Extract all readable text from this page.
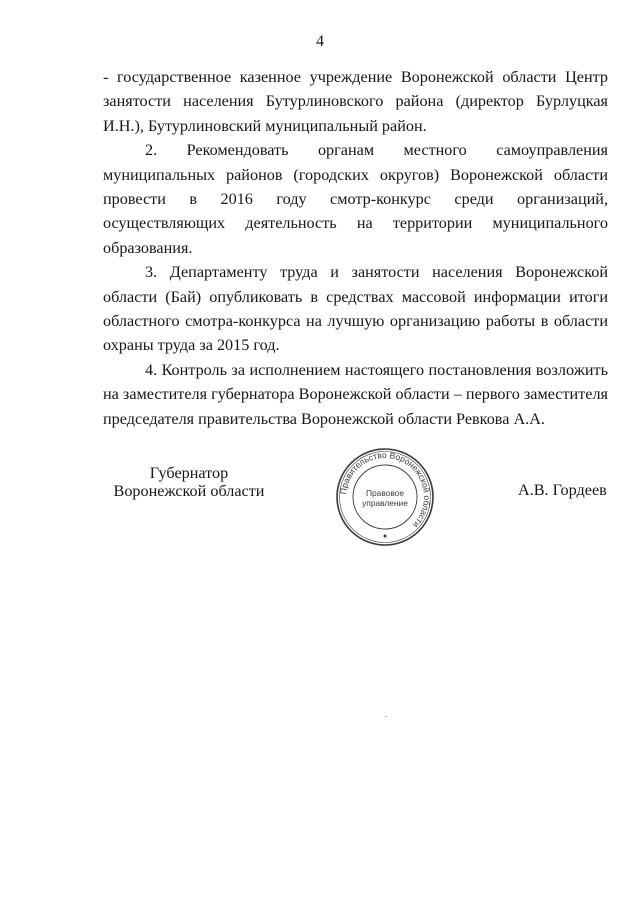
4

- государственное казенное учреждение Воронежской области Центр занятости населения Бутурлиновского района (директор Бурлуцкая И.Н.), Бутурлиновский муниципальный район.

2. Рекомендовать органам местного самоуправления муниципальных районов (городских округов) Воронежской области провести в 2016 году смотр-конкурс среди организаций, осуществляющих деятельность на территории муниципального образования.

3. Департаменту труда и занятости населения Воронежской области (Бай) опубликовать в средствах массовой информации итоги областного смотра-конкурса на лучшую организацию работы в области охраны труда за 2015 год.

4. Контроль за исполнением настоящего постановления возложить на заместителя губернатора Воронежской области – первого заместителя председателя правительства Воронежской области Ревкова А.А.

Губернатор
Воронежской области	Правительство Воронежской области
Правовое
управление
А.В. Гордеев
